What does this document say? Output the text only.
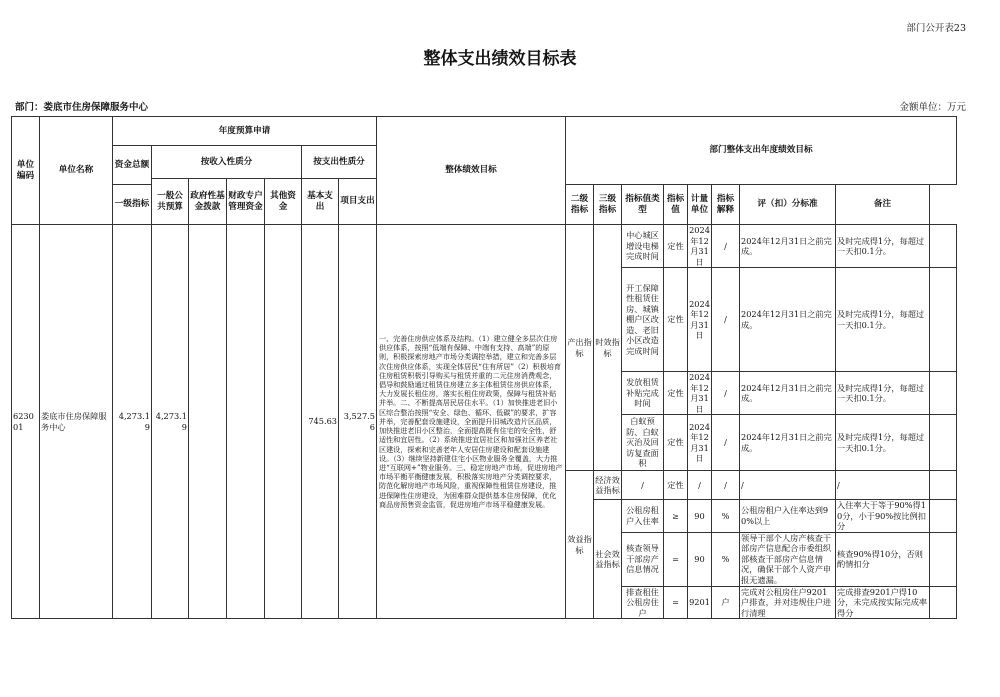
部门公开表23
整体支出绩效目标表
部门：娄底市住房保障服务中心	金额单位：万元
单位编码	单位名称	年度预算申请							整体绩效目标	部门整体支出年度绩效目标								
		资金总额	按收入性质分				按支出性质分											
			一般公共预算	政府性基金拨款	财政专户管理资金	其他资金	基本支出	项目支出										
		一级指标								二级指标	三级指标	指标值类型	指标值	计量单位	指标解释	评（扣）分标准	备注	
623001	娄底市住房保障服务中心	4,273.19	4,273.19				745.63	3,527.56	一、完善住房供应体系及结构。（1）建立健全多层次住房供应体系，按照“低端有保障、中端有支持、高端”的原则，积极探索房地产市场分类调控举措，建立和完善多层次住房供应体系，实现全体居民“住有所居”（2）积极培育住房租赁积极引导购买与租赁并重的二元住房消费观念，倡导和鼓励通过租赁住房建立多主体租赁住房供应体系，大力发展长租住房，落实长租住房政策，保障与租赁补贴并举。二、不断提高居民居住水平。（1）加快推进老旧小区综合整治按照“安全、绿色、循环、低碳”的要求，扩容并举，完善配套设施建设，全面提升旧城改造片区品质，加快推进老旧小区整治，全面提高既有住宅的安全性，舒适性和宜居性。（2）系统推进宜居社区和加强社区养老社区建设，探索和完善老年人安居住房建设和配套设施建设。（3）继续坚持新建住宅小区物业服务全覆盖，大力推进“互联网+”物业服务。三、稳定房地产市场，促进房地产市场平衡平衡健康发展，积极落实房地产分类调控要求，防范化解房地产市场风险，重视保障性租赁住房建设，推进保障性住房建设，为困难群众提供基本住房保障，优化商品房预售资金监管，促进房地产市场平稳健康发展。	产出指标	时效指标	中心城区增设电梯完成时间	定性	2024年12月31日	/	2024年12月31日之前完成。	及时完成得1分，每超过一天扣0.1分。	
												开工保障性租赁住房、城镇棚户区改造、老旧小区改造完成时间	定性	2024年12月31日	/	2024年12月31日之前完成。	及时完成得1分，每超过一天扣0.1分。	
												发放租赁补贴完成时间	定性	2024年12月31日	/	2024年12月31日之前完成。	及时完成得1分，每超过一天扣0.1分。	
												白蚁预防、白蚁灭治及回访复查面积	定性	2024年12月31日	/	2024年12月31日之前完成。	及时完成得1分，每超过一天扣0.1分。	
										效益指标	经济效益指标	/	定性	/	/	/	/	
											社会效益指标	公租房租户入住率	≥	90	%	公租房租户入住率达到90%以上	入住率大于等于90%得10分，小于90%按比例扣分	
												核查领导干部房产信息情况	=	90	%	领导干部个人房产核查干部房产信息配合市委组织部核查干部房产信息情况，确保干部个人资产申报无遗漏。	核查90%得10分，否则酌情扣分	
												排查租住公租房住户	=	9201	户	完成对公租房住户9201户排查，并对违规住户进行清理	完成排查9201户得10分，未完成按实际完成率得分	
